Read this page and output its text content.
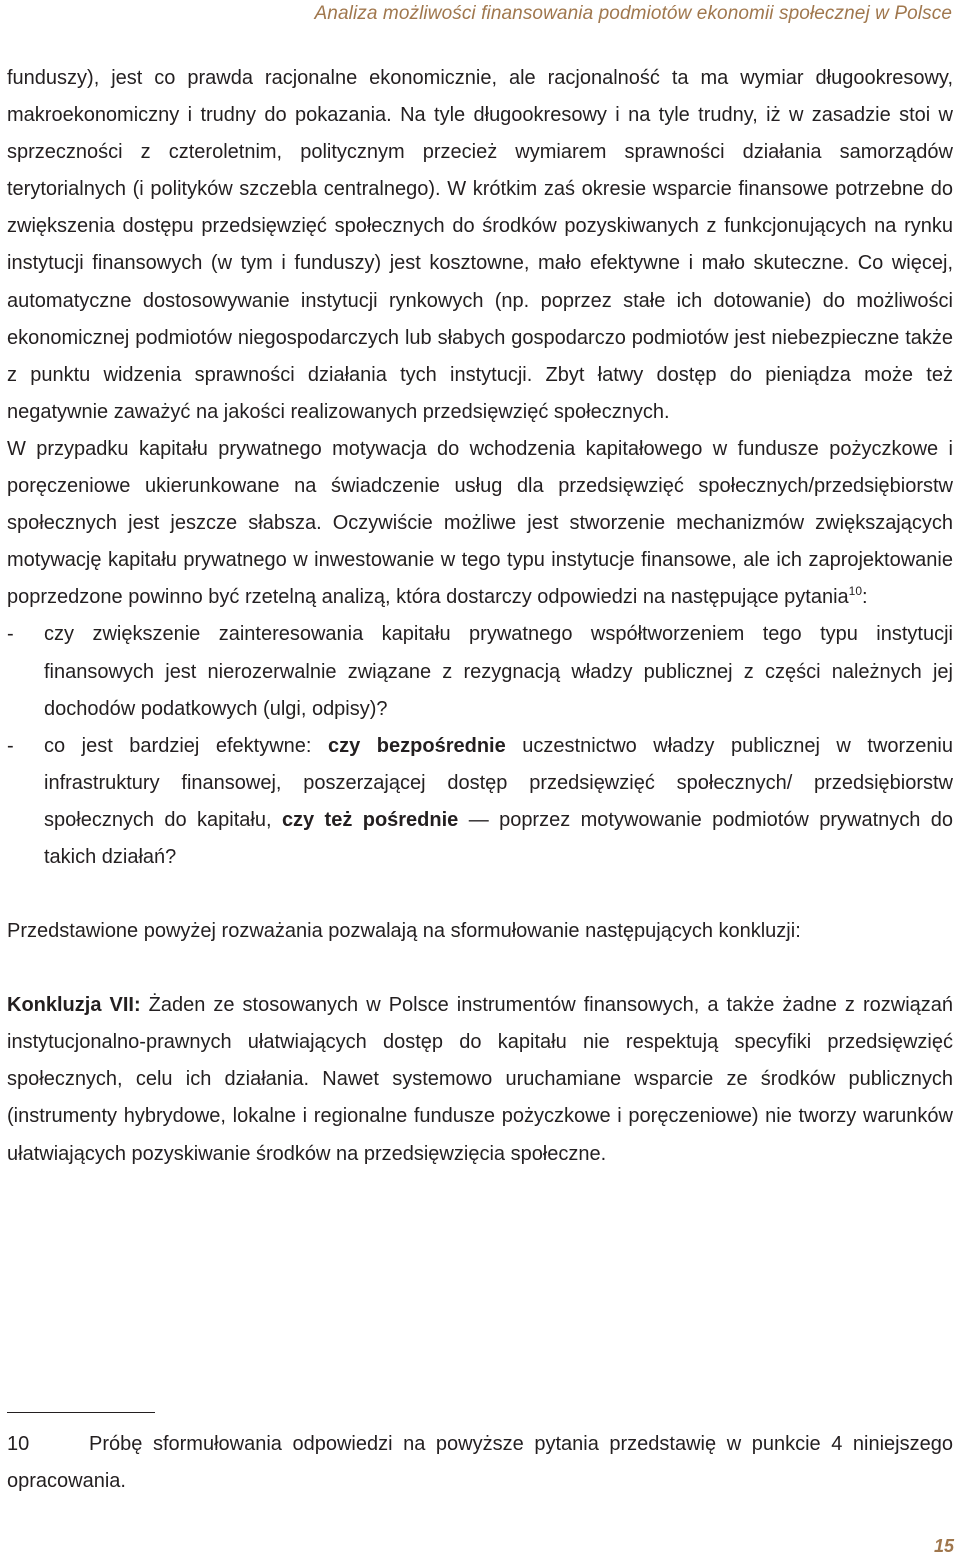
Analiza możliwości finansowania podmiotów ekonomii społecznej w Polsce

funduszy), jest co prawda racjonalne ekonomicznie, ale racjonalność ta ma wymiar długookresowy, makroekonomiczny i trudny do pokazania. Na tyle długookresowy i na tyle trudny, iż w zasadzie stoi w sprzeczności z czteroletnim, politycznym przecież wymiarem sprawności działania samorządów terytorialnych (i polityków szczebla centralnego). W krótkim zaś okresie wsparcie finansowe potrzebne do zwiększenia dostępu przedsięwzięć społecznych do środków pozyskiwanych z funkcjonujących na rynku instytucji finansowych (w tym i funduszy) jest kosztowne, mało efektywne i mało skuteczne. Co więcej, automatyczne dostosowywanie instytucji rynkowych (np. poprzez stałe ich dotowanie) do możliwości ekonomicznej podmiotów niegospodarczych lub słabych gospodarczo podmiotów jest niebezpieczne także z punktu widzenia sprawności działania tych instytucji. Zbyt łatwy dostęp do pieniądza może też negatywnie zaważyć na jakości realizowanych przedsięwzięć społecznych.

W przypadku kapitału prywatnego motywacja do wchodzenia kapitałowego w fundusze pożyczkowe i poręczeniowe ukierunkowane na świadczenie usług dla przedsięwzięć społecznych/przedsiębiorstw społecznych jest jeszcze słabsza. Oczywiście możliwe jest stworzenie mechanizmów zwiększających motywację kapitału prywatnego w inwestowanie w tego typu instytucje finansowe, ale ich zaprojektowanie poprzedzone powinno być rzetelną analizą, która dostarczy odpowiedzi na następujące pytania$^{10}$:

- czy zwiększenie zainteresowania kapitału prywatnego współtworzeniem tego typu instytucji finansowych jest nierozerwalnie związane z rezygnacją władzy publicznej z części należnych jej dochodów podatkowych (ulgi, odpisy)?
- co jest bardziej efektywne: czy bezpośrednie uczestnictwo władzy publicznej w tworzeniu infrastruktury finansowej, poszerzającej dostęp przedsięwzięć społecznych/ przedsiębiorstw społecznych do kapitału, czy też pośrednie — poprzez motywowanie podmiotów prywatnych do takich działań?

Przedstawione powyżej rozważania pozwalają na sformułowanie następujących konkluzji:

Konkluzja VII: Żaden ze stosowanych w Polsce instrumentów finansowych, a także żadne z rozwiązań instytucjonalno-prawnych ułatwiających dostęp do kapitału nie respektują specyfiki przedsięwzięć społecznych, celu ich działania. Nawet systemowo uruchamiane wsparcie ze środków publicznych (instrumenty hybrydowe, lokalne i regionalne fundusze pożyczkowe i poręczeniowe) nie tworzy warunków ułatwiających pozyskiwanie środków na przedsięwzięcia społeczne.

10	Próbę sformułowania odpowiedzi na powyższe pytania przedstawię w punkcie 4 niniejszego opracowania.
15
